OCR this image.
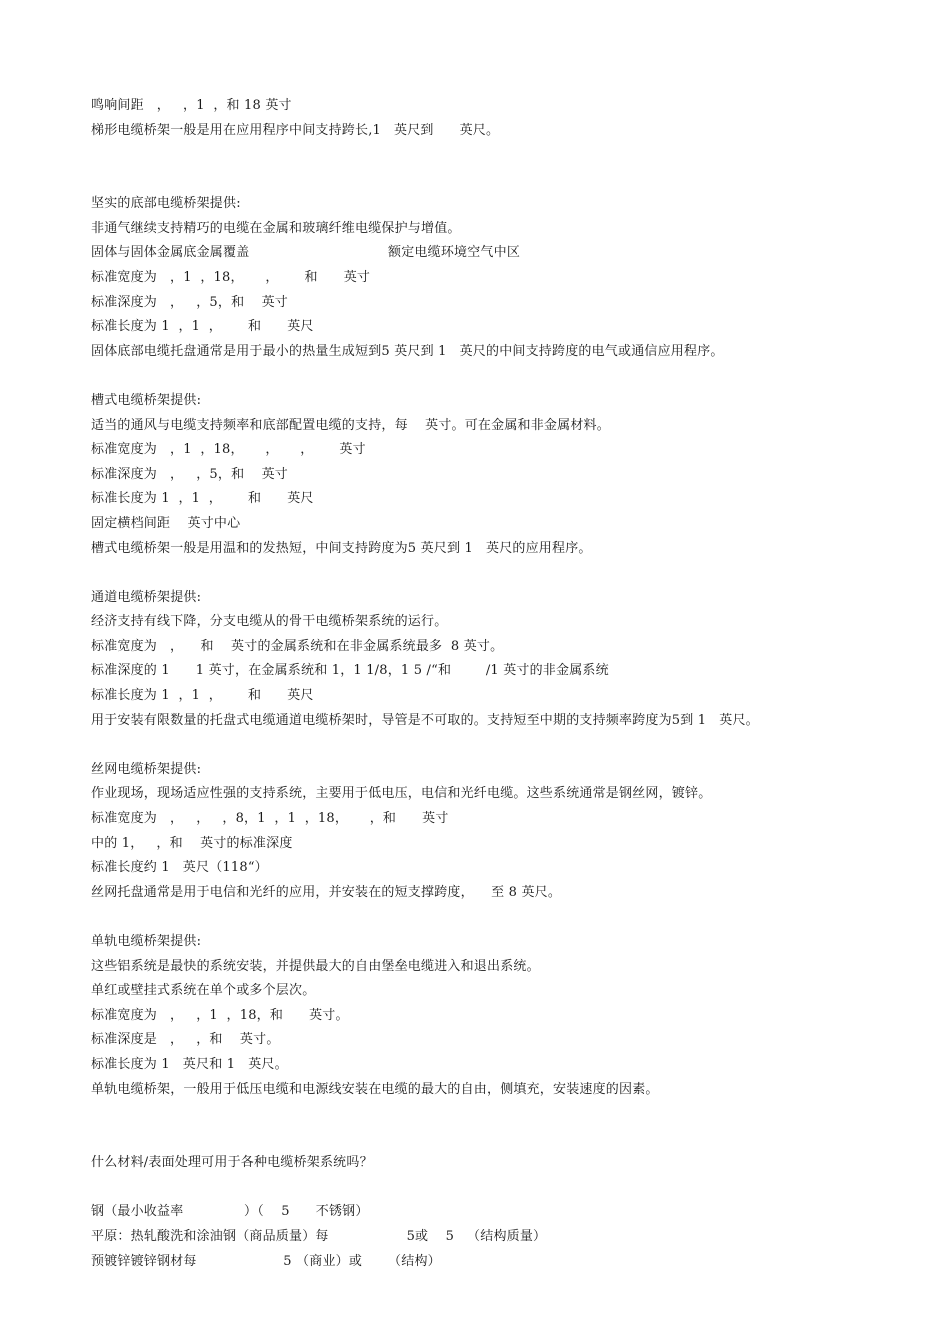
鸣响间距   ，   ，1  ，和 18 英寸
梯形电缆桥架一般是用在应用程序中间支持跨长,1   英尺到      英尺。
坚实的底部电缆桥架提供:
非通气继续支持精巧的电缆在金属和玻璃纤维电缆保护与增值。
固体与固体金属底金属覆盖                                额定电缆环境空气中区
标准宽度为   ，1  ，18，     ，      和      英寸
标准深度为   ，   ，5，和    英寸
标准长度为 1  ，1  ，      和      英尺
固体底部电缆托盘通常是用于最小的热量生成短到5 英尺到 1   英尺的中间支持跨度的电气或通信应用程序。
槽式电缆桥架提供:
适当的通风与电缆支持频率和底部配置电缆的支持，每    英寸。可在金属和非金属材料。
标准宽度为   ，1  ，18，     ，     ，      英寸
标准深度为   ，   ，5，和    英寸
标准长度为 1  ，1  ，      和      英尺
固定横档间距    英寸中心
槽式电缆桥架一般是用温和的发热短，中间支持跨度为5 英尺到 1   英尺的应用程序。
通道电缆桥架提供:
经济支持有线下降，分支电缆从的骨干电缆桥架系统的运行。
标准宽度为   ，    和    英寸的金属系统和在非金属系统最多  8 英寸。
标准深度的 1      1 英寸，在金属系统和 1，1 1/8，1 5 /“和        /1 英寸的非金属系统
标准长度为 1  ，1  ，      和      英尺
用于安装有限数量的托盘式电缆通道电缆桥架时，导管是不可取的。支持短至中期的支持频率跨度为5到 1   英尺。
丝网电缆桥架提供:
作业现场，现场适应性强的支持系统，主要用于低电压，电信和光纤电缆。这些系统通常是钢丝网，镀锌。
标准宽度为   ，   ，   ，8，1  ，1  ，18，     ，和      英寸
中的 1，   ，和    英寸的标准深度
标准长度约 1   英尺（118“）
丝网托盘通常是用于电信和光纤的应用，并安装在的短支撑跨度，    至 8 英尺。
单轨电缆桥架提供:
这些铝系统是最快的系统安装，并提供最大的自由堡垒电缆进入和退出系统。
单红或壁挂式系统在单个或多个层次。
标准宽度为   ，   ，1  ，18，和      英寸。
标准深度是   ，   ，和    英寸。
标准长度为 1   英尺和 1   英尺。
单轨电缆桥架，一般用于低压电缆和电源线安装在电缆的最大的自由，侧填充，安装速度的因素。
什么材料/表面处理可用于各种电缆桥架系统吗？
钢（最小收益率              ）（    5      不锈钢）
平原：热轧酸洗和涂油钢（商品质量）每                  5或    5   （结构质量）
预镀锌镀锌钢材每                    5 （商业）或      （结构）
